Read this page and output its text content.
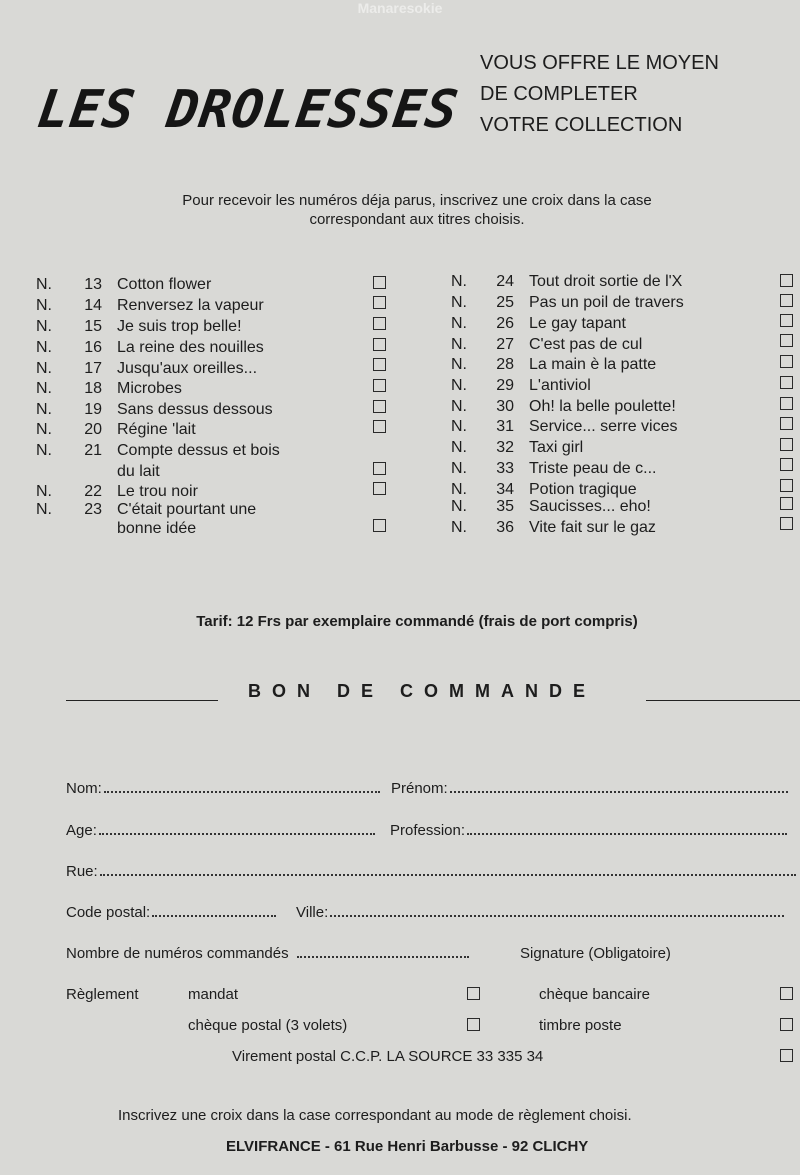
Manaresokie
LES DROLESSES
VOUS OFFRE LE MOYEN
DE COMPLETER
VOTRE COLLECTION
Pour recevoir les numéros déja parus, inscrivez une croix dans la case
correspondant aux titres choisis.
N.	13 Cotton flower
N.	14 Renversez la vapeur
N.	15 Je suis trop belle!
N.	16 La reine des nouilles
N.	17 Jusqu'aux oreilles...
N.	18 Microbes
N.	19 Sans dessus dessous
N.	20 Régine 'lait
N.	21 Compte dessus et bois
du lait
N.	22 Le trou noir
N.	23 C'était pourtant une
bonne idée
N.	24 Tout droit sortie de l'X
N.	25 Pas un poil de travers
N.	26 Le gay tapant
N.	27 C'est pas de cul
N.	28 La main è la patte
N.	29 L'antiviol
N.	30 Oh! la belle poulette!
N.	31 Service... serre vices
N.	32 Taxi girl
N.	33 Triste peau de c...
N.	34 Potion tragique
N.	35 Saucisses... eho!
N.	36 Vite fait sur le gaz
Tarif: 12 Frs par exemplaire commandé (frais de port compris)
BON DE COMMANDE
Nom:	Prénom:
Age:	Profession:
Rue:
Code postal:	Ville:
Nombre de numéros commandés	Signature (Obligatoire)
Règlement	mandat	chèque bancaire
chèque postal (3 volets)	timbre poste
Virement postal C.C.P. LA SOURCE 33 335 34
Inscrivez une croix dans la case correspondant au mode de règlement choisi.
ELVIFRANCE - 61 Rue Henri Barbusse - 92 CLICHY
